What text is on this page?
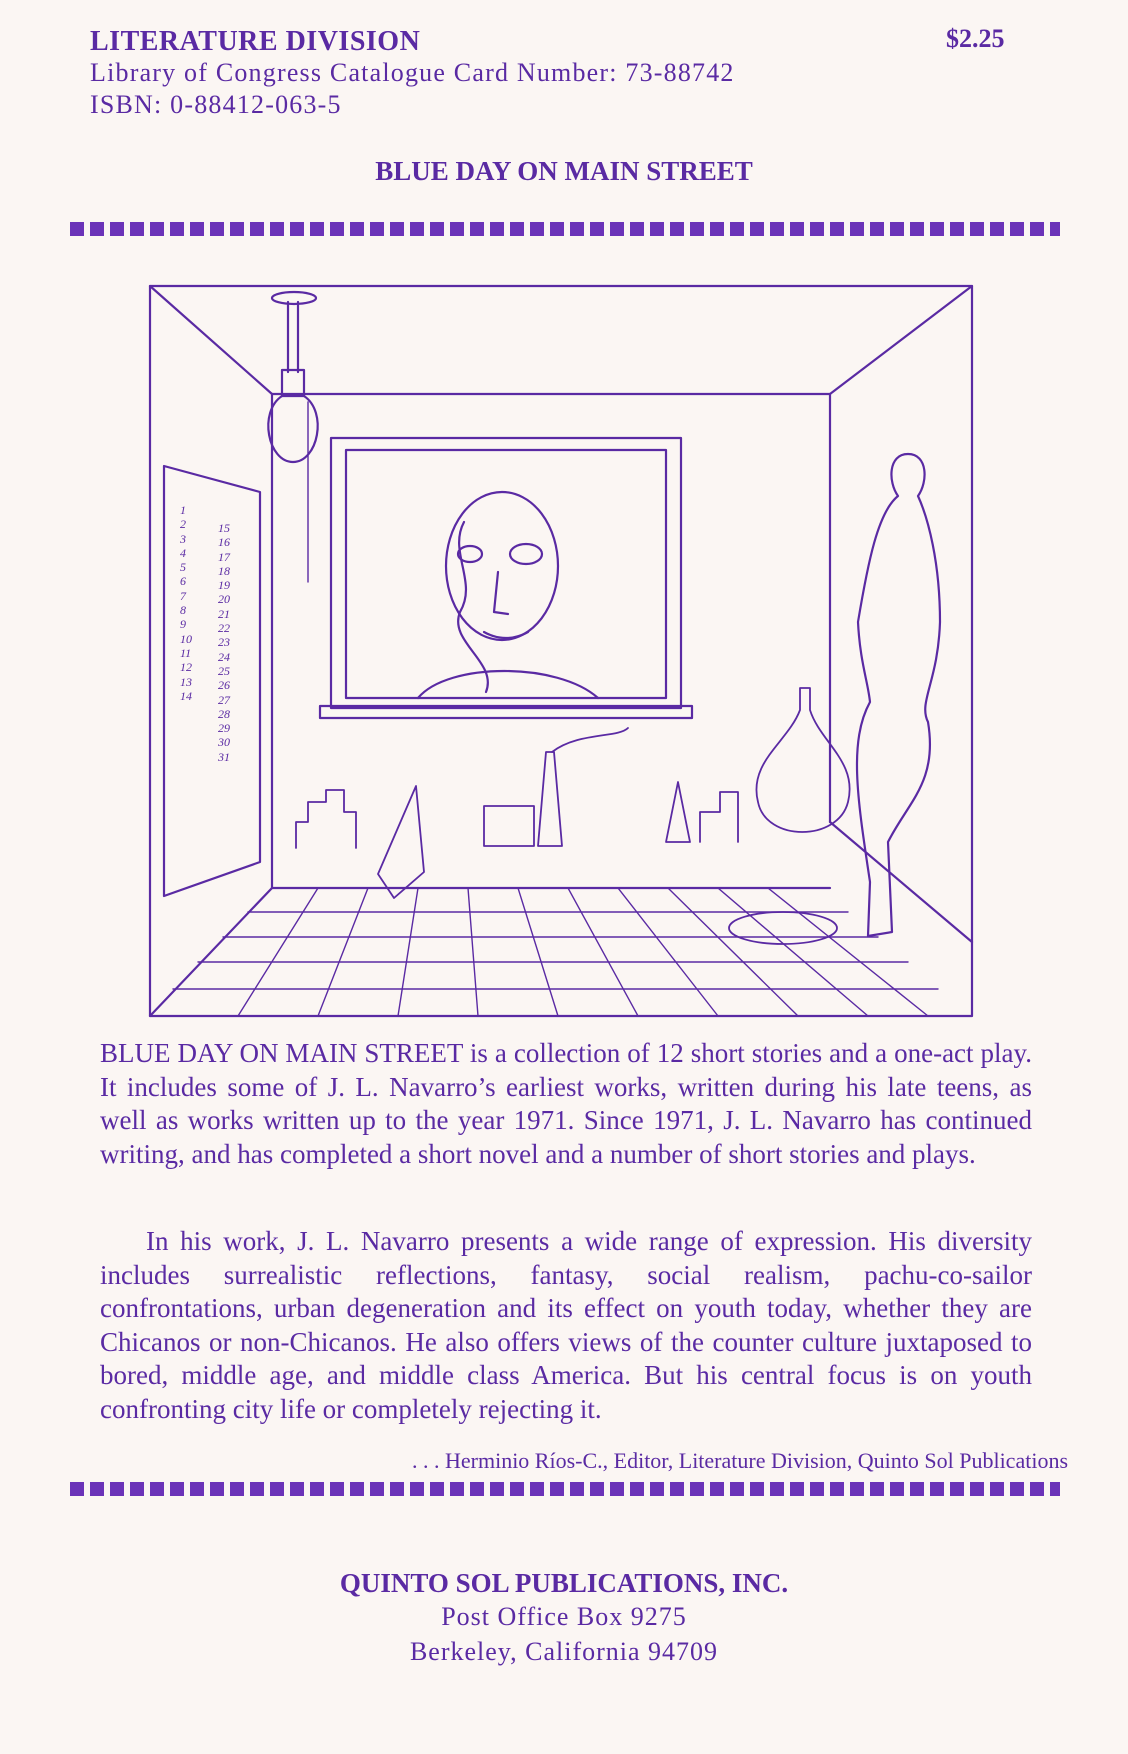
LITERATURE DIVISION
Library of Congress Catalogue Card Number: 73-88742
ISBN: 0-88412-063-5
$2.25
BLUE DAY ON MAIN STREET
1
2
3
4
5
6
7
8
9
10
11
12
13
14
15
16
17
18
19
20
21
22
23
24
25
26
27
28
29
30
31
BLUE DAY ON MAIN STREET is a collection of 12 short stories and a one-act play. It includes some of J. L. Navarro’s earliest works, written during his late teens, as well as works written up to the year 1971. Since 1971, J. L. Navarro has continued writing, and has completed a short novel and a number of short stories and plays.
In his work, J. L. Navarro presents a wide range of expression. His diversity includes surrealistic reflections, fantasy, social realism, pachu-co-sailor confrontations, urban degeneration and its effect on youth today, whether they are Chicanos or non-Chicanos. He also offers views of the counter culture juxtaposed to bored, middle age, and middle class America. But his central focus is on youth confronting city life or completely rejecting it.
. . . Herminio Ríos-C., Editor, Literature Division, Quinto Sol Publications
QUINTO SOL PUBLICATIONS, INC.
Post Office Box 9275
Berkeley, California 94709
